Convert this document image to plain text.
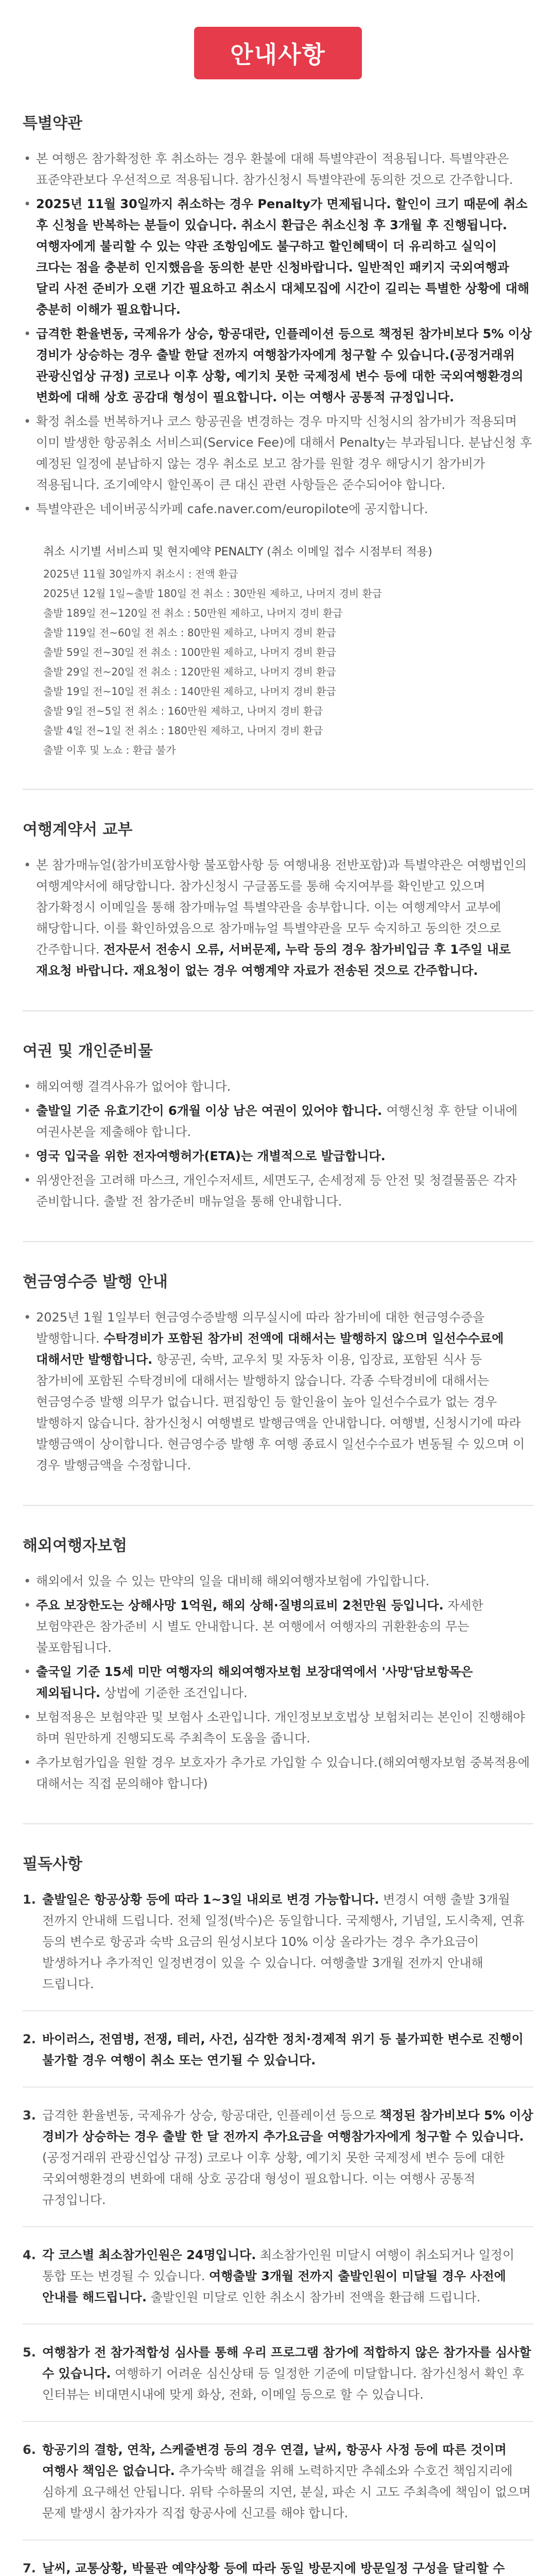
안내사항
특별약관
• 본 여행은 참가확정한 후 취소하는 경우 환불에 대해 특별약관이 적용됩니다. 특별약관은 표준약관보다 우선적으로 적용됩니다. 참가신청시 특별약관에 동의한 것으로 간주합니다.
• 2025년 11월 30일까지 취소하는 경우 Penalty가 면제됩니다. 할인이 크기 때문에 취소 후 신청을 반복하는 분들이 있습니다. 취소시 환급은 취소신청 후 3개월 후 진행됩니다. 여행자에게 불리할 수 있는 약관 조항임에도 불구하고 할인혜택이 더 유리하고 실익이 크다는 점을 충분히 인지했음을 동의한 분만 신청바랍니다. 일반적인 패키지 국외여행과 달리 사전 준비가 오랜 기간 필요하고 취소시 대체모집에 시간이 길리는 특별한 상황에 대해 충분히 이해가 필요합니다.
• 급격한 환율변동, 국제유가 상승, 항공대란, 인플레이션 등으로 책정된 참가비보다 5% 이상 경비가 상승하는 경우 출발 한달 전까지 여행참가자에게 청구할 수 있습니다.(공정거래위 관광신업상 규정) 코로나 이후 상황, 예기치 못한 국제정세 변수 등에 대한 국외여행환경의 변화에 대해 상호 공감대 형성이 필요합니다. 이는 여행사 공통적 규정입니다.
• 확정 취소를 번복하거나 코스 항공권을 변경하는 경우 마지막 신청시의 참가비가 적용되며 이미 발생한 항공취소 서비스피(Service Fee)에 대해서 Penalty는 부과됩니다. 분납신청 후 예정된 일정에 분납하지 않는 경우 취소로 보고 참가를 원할 경우 해당시기 참가비가 적용됩니다. 조기예약시 할인폭이 큰 대신 관련 사항들은 준수되어야 합니다.
• 특별약관은 네이버공식카페 cafe.naver.com/europilote에 공지합니다.
취소 시기별 서비스피 및 현지예약 PENALTY (취소 이메일 접수 시점부터 적용)
2025년 11월 30일까지 취소시 : 전액 환급
2025년 12월 1일~출발 180일 전 취소 : 30만원 제하고, 나머지 경비 환급
출발 189일 전~120일 전 취소 : 50만원 제하고, 나머지 경비 환급
출발 119일 전~60일 전 취소 : 80만원 제하고, 나머지 경비 환급
출발 59일 전~30일 전 취소 : 100만원 제하고, 나머지 경비 환급
출발 29일 전~20일 전 취소 : 120만원 제하고, 나머지 경비 환급
출발 19일 전~10일 전 취소 : 140만원 제하고, 나머지 경비 환급
출발 9일 전~5일 전 취소 : 160만원 제하고, 나머지 경비 환급
출발 4일 전~1일 전 취소 : 180만원 제하고, 나머지 경비 환급
출발 이후 및 노쇼 : 환급 불가
여행계약서 교부
• 본 참가매뉴얼(참가비포함사항 불포함사항 등 여행내용 전반포함)과 특별약관은 여행법인의 여행계약서에 해당합니다. 참가신청시 구글폼도를 통해 숙지여부를 확인받고 있으며 참가확정시 이메일을 통해 참가매뉴얼 특별약관을 송부합니다. 이는 여행계약서 교부에 해당합니다. 이를 확인하였음으로 참가매뉴얼 특별약관을 모두 숙지하고 동의한 것으로 간주합니다. 전자문서 전송시 오류, 서버문제, 누락 등의 경우 참가비입금 후 1주일 내로 재요청 바랍니다. 재요청이 없는 경우 여행계약 자료가 전송된 것으로 간주합니다.
여권 및 개인준비물
• 해외여행 결격사유가 없어야 합니다.
• 출발일 기준 유효기간이 6개월 이상 남은 여권이 있어야 합니다. 여행신청 후 한달 이내에 여권사본을 제출해야 합니다.
• 영국 입국을 위한 전자여행허가(ETA)는 개별적으로 발급합니다.
• 위생안전을 고려해 마스크, 개인수저세트, 세면도구, 손세정제 등 안전 및 청결물품은 각자 준비합니다. 출발 전 참가준비 매뉴얼을 통해 안내합니다.
현금영수증 발행 안내
• 2025년 1월 1일부터 현금영수증발행 의무실시에 따라 참가비에 대한 현금영수증을 발행합니다. 수탁경비가 포함된 참가비 전액에 대해서는 발행하지 않으며 일선수수료에 대해서만 발행합니다. 항공권, 숙박, 교우치 및 자동차 이용, 입장료, 포함된 식사 등 참가비에 포함된 수탁경비에 대해서는 발행하지 않습니다. 각종 수탁경비에 대해서는 현금영수증 발행 의무가 없습니다. 편집항인 등 할인율이 높아 일선수수료가 없는 경우 발행하지 않습니다. 참가신청시 여행별로 발행금액을 안내합니다. 여행별, 신청시기에 따라 발행금액이 상이합니다. 현금영수증 발행 후 여행 종료시 일선수수료가 변동될 수 있으며 이 경우 발행금액을 수정합니다.
해외여행자보험
• 해외에서 있을 수 있는 만약의 일을 대비해 해외여행자보험에 가입합니다.
• 주요 보장한도는 상해사망 1억원, 해외 상해·질병의료비 2천만원 등입니다. 자세한 보험약관은 참가준비 시 별도 안내합니다. 본 여행에서 여행자의 귀환환송의 무는 불포함됩니다.
• 출국일 기준 15세 미만 여행자의 해외여행자보험 보장대역에서 '사망'담보항목은 제외됩니다. 상법에 기준한 조건입니다.
• 보험적용은 보험약관 및 보험사 소관입니다. 개인정보보호법상 보험처리는 본인이 진행해야 하며 원만하게 진행되도록 주최측이 도움을 줍니다.
• 추가보험가입을 원할 경우 보호자가 추가로 가입할 수 있습니다.(해외여행자보험 중복적용에 대해서는 직접 문의해야 합니다)
필독사항
1. 출발일은 항공상황 등에 따라 1~3일 내외로 변경 가능합니다. 변경시 여행 출발 3개월 전까지 안내해 드립니다. 전체 일정(박수)은 동일합니다. 국제행사, 기념일, 도시축제, 연휴 등의 변수로 항공과 숙박 요금의 원성시보다 10% 이상 올라가는 경우 추가요금이 발생하거나 추가적인 일정변경이 있을 수 있습니다. 여행출발 3개월 전까지 안내해 드립니다.
2. 바이러스, 전염병, 전쟁, 테러, 사건, 심각한 정치·경제적 위기 등 불가피한 변수로 진행이 불가할 경우 여행이 취소 또는 연기될 수 있습니다.
3. 급격한 환율변동, 국제유가 상승, 항공대란, 인플레이션 등으로 책정된 참가비보다 5% 이상 경비가 상승하는 경우 출발 한 달 전까지 추가요금을 여행참가자에게 청구할 수 있습니다. (공정거래위 관광신업상 규정) 코로나 이후 상황, 예기치 못한 국제정세 변수 등에 대한 국외여행환경의 변화에 대해 상호 공감대 형성이 필요합니다. 이는 여행사 공통적 규정입니다.
4. 각 코스별 최소참가인원은 24명입니다. 최소참가인원 미달시 여행이 취소되거나 일정이 통합 또는 변경될 수 있습니다. 여행출발 3개월 전까지 출발인원이 미달될 경우 사전에 안내를 해드립니다. 출발인원 미달로 인한 취소시 참가비 전액을 환급해 드립니다.
5. 여행참가 전 참가적합성 심사를 통해 우리 프로그램 참가에 적합하지 않은 참가자를 심사할 수 있습니다. 여행하기 어려운 심신상태 등 일정한 기준에 미달합니다. 참가신청서 확인 후 인터뷰는 비대면시내에 맞게 화상, 전화, 이메일 등으로 할 수 있습니다.
6. 항공기의 결항, 연착, 스케줄변경 등의 경우 연결, 날씨, 항공사 사정 등에 따른 것이며 여행사 책임은 없습니다. 추가숙박 해결을 위해 노력하지만 추쉐소와 수호건 책임지리에 심하게 요구해선 안됩니다. 위탁 수하물의 지연, 분실, 파손 시 고도 주최측에 책임이 없으며 문제 발생시 참가자가 직접 항공사에 신고를 해야 합니다.
7. 날씨, 교통상황, 박물관 예약상황 등에 따라 동일 방문지에 방문일정 구성을 달리할 수
